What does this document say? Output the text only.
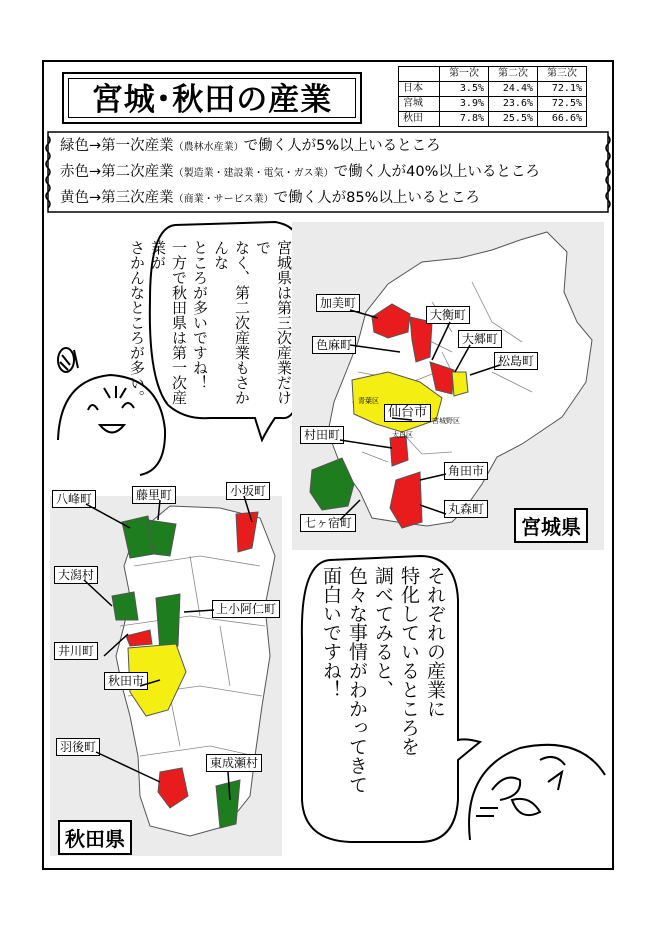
宮城･秋田の産業
	第一次	第二次	第三次
日本	3.5%	24.4%	72.1%
宮城	3.9%	23.6%	72.5%
秋田	7.8%	25.5%	66.6%
緑色→第一次産業（農林水産業）で働く人が5%以上いるところ
赤色→第二次産業（製造業・建設業・電気・ガス業）で働く人が40%以上いるところ
黄色→第三次産業（商業・サービス業）で働く人が85%以上いるところ
青葉区
太白区
宮城野区
加美町
色麻町
大衡町
大郷町
松島町
仙台市
村田町
角田市
丸森町
七ヶ宿町	宮城県
八峰町	藤里町	小坂町
大潟村
上小阿仁町
井川町
秋田市
羽後町
東成瀬村
秋田県
宮城県は第三次産業だけで
なく、第二次産業もさかんな
ところが多いですね！
一方で秋田県は第一次産業が
さかんなところが多い。
それぞれの産業に
特化しているところを
調べてみると、
色々な事情がわかってきて
面白いですね！
